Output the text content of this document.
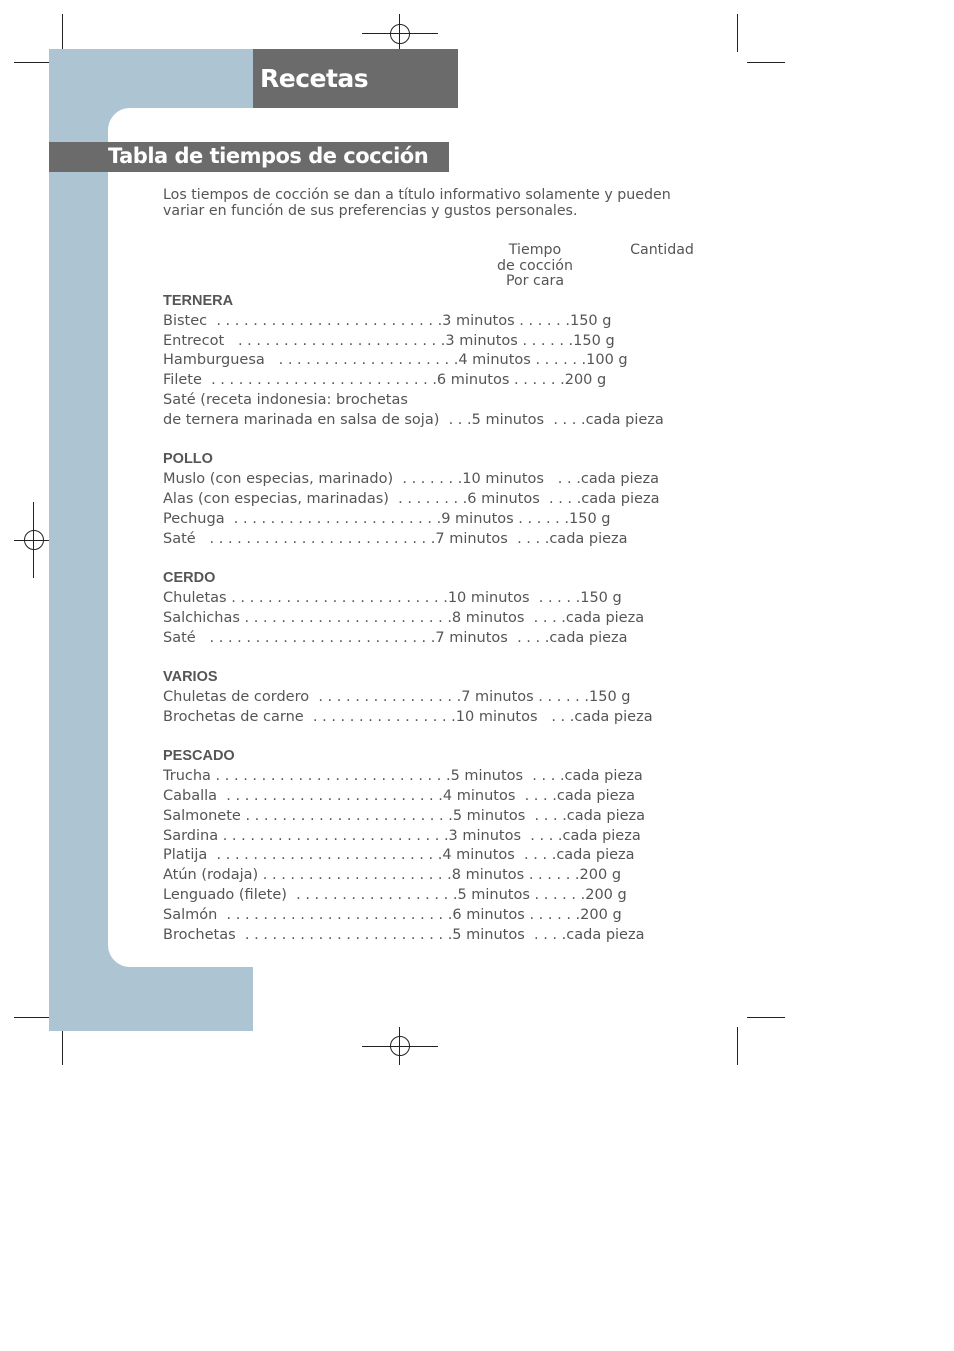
Recetas
Tabla de tiempos de cocción

Los tiempos de cocción se dan a título informativo solamente y pueden
variar en función de sus preferencias y gustos personales.

Tiempo
de cocción
Por cara
Cantidad
TERNERA
Bistec  . . . . . . . . . . . . . . . . . . . . . . . . .3 minutos . . . . . .150 g
Entrecot   . . . . . . . . . . . . . . . . . . . . . . .3 minutos . . . . . .150 g
Hamburguesa   . . . . . . . . . . . . . . . . . . . .4 minutos . . . . . .100 g
Filete  . . . . . . . . . . . . . . . . . . . . . . . . .6 minutos . . . . . .200 g
Saté (receta indonesia: brochetas
de ternera marinada en salsa de soja)  . . .5 minutos  . . . .cada pieza
POLLO
Muslo (con especias, marinado)  . . . . . . .10 minutos   . . .cada pieza
Alas (con especias, marinadas)  . . . . . . . .6 minutos  . . . .cada pieza
Pechuga  . . . . . . . . . . . . . . . . . . . . . . .9 minutos . . . . . .150 g
Saté   . . . . . . . . . . . . . . . . . . . . . . . . .7 minutos  . . . .cada pieza
CERDO
Chuletas . . . . . . . . . . . . . . . . . . . . . . . .10 minutos  . . . . .150 g
Salchichas . . . . . . . . . . . . . . . . . . . . . . .8 minutos  . . . .cada pieza
Saté   . . . . . . . . . . . . . . . . . . . . . . . . .7 minutos  . . . .cada pieza
VARIOS
Chuletas de cordero  . . . . . . . . . . . . . . . .7 minutos . . . . . .150 g
Brochetas de carne  . . . . . . . . . . . . . . . .10 minutos   . . .cada pieza
PESCADO
Trucha . . . . . . . . . . . . . . . . . . . . . . . . . .5 minutos  . . . .cada pieza
Caballa  . . . . . . . . . . . . . . . . . . . . . . . .4 minutos  . . . .cada pieza
Salmonete . . . . . . . . . . . . . . . . . . . . . . .5 minutos  . . . .cada pieza
Sardina . . . . . . . . . . . . . . . . . . . . . . . . .3 minutos  . . . .cada pieza
Platija  . . . . . . . . . . . . . . . . . . . . . . . . .4 minutos  . . . .cada pieza
Atún (rodaja) . . . . . . . . . . . . . . . . . . . . .8 minutos . . . . . .200 g
Lenguado (filete)  . . . . . . . . . . . . . . . . . .5 minutos . . . . . .200 g
Salmón  . . . . . . . . . . . . . . . . . . . . . . . . .6 minutos . . . . . .200 g
Brochetas  . . . . . . . . . . . . . . . . . . . . . . .5 minutos  . . . .cada pieza
